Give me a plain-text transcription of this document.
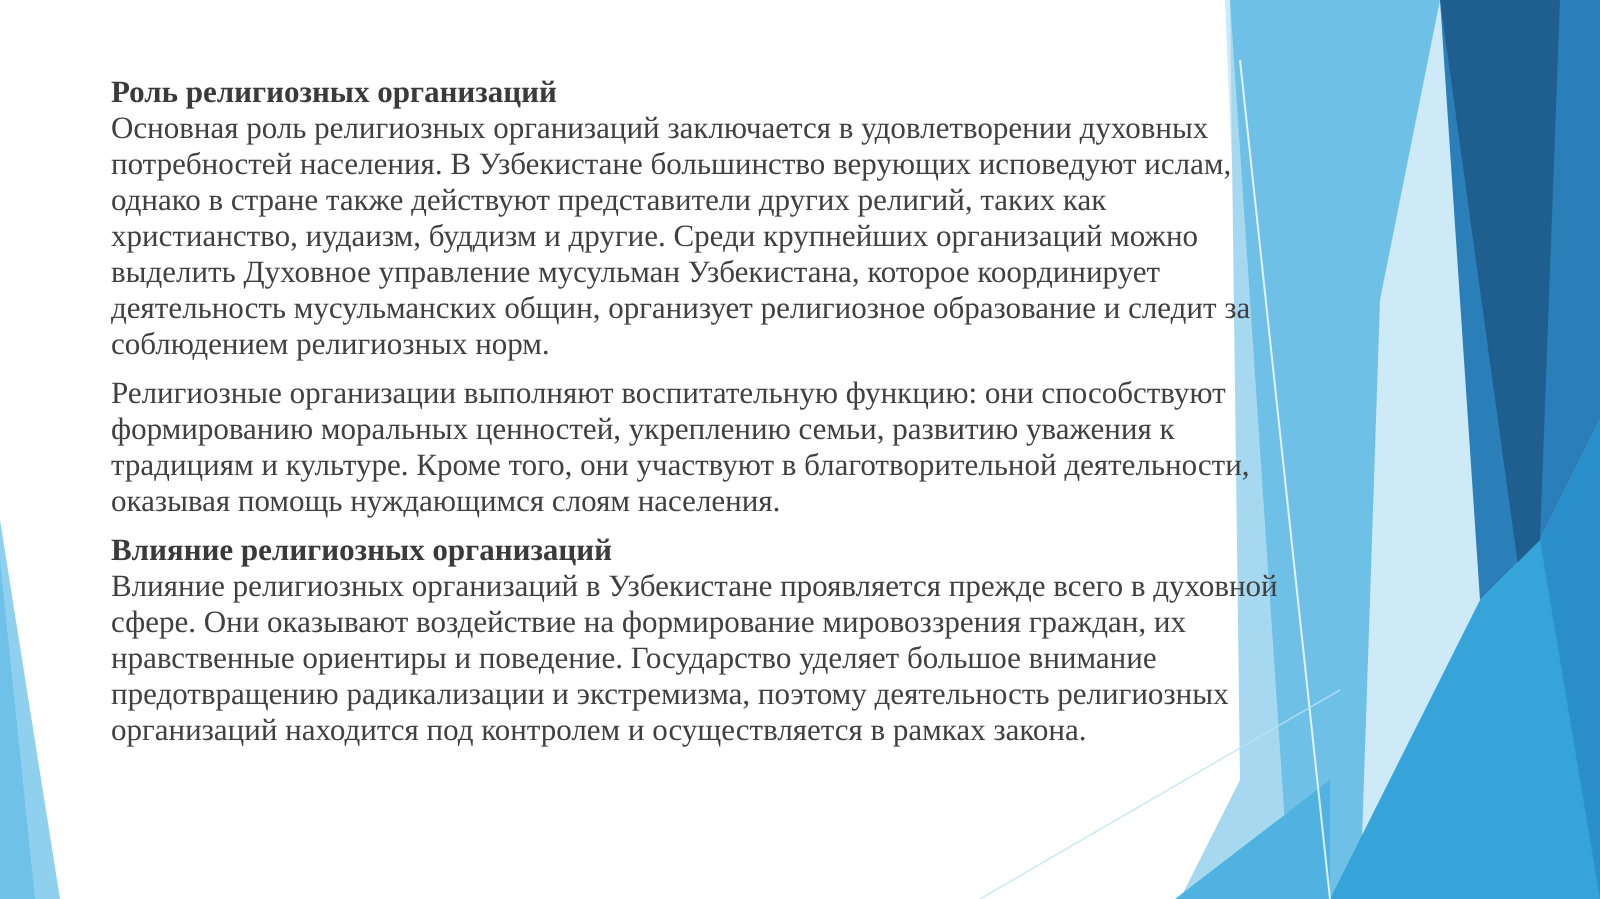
Роль религиозных организаций
Основная роль религиозных организаций заключается в удовлетворении духовных потребностей населения. В Узбекистане большинство верующих исповедуют ислам, однако в стране также действуют представители других религий, таких как христианство, иудаизм, буддизм и другие. Среди крупнейших организаций можно выделить Духовное управление мусульман Узбекистана, которое координирует деятельность мусульманских общин, организует религиозное образование и следит за соблюдением религиозных норм.

Религиозные организации выполняют воспитательную функцию: они способствуют формированию моральных ценностей, укреплению семьи, развитию уважения к традициям и культуре. Кроме того, они участвуют в благотворительной деятельности, оказывая помощь нуждающимся слоям населения.

Влияние религиозных организаций
Влияние религиозных организаций в Узбекистане проявляется прежде всего в духовной сфере. Они оказывают воздействие на формирование мировоззрения граждан, их нравственные ориентиры и поведение. Государство уделяет большое внимание предотвращению радикализации и экстремизма, поэтому деятельность религиозных организаций находится под контролем и осуществляется в рамках закона.
